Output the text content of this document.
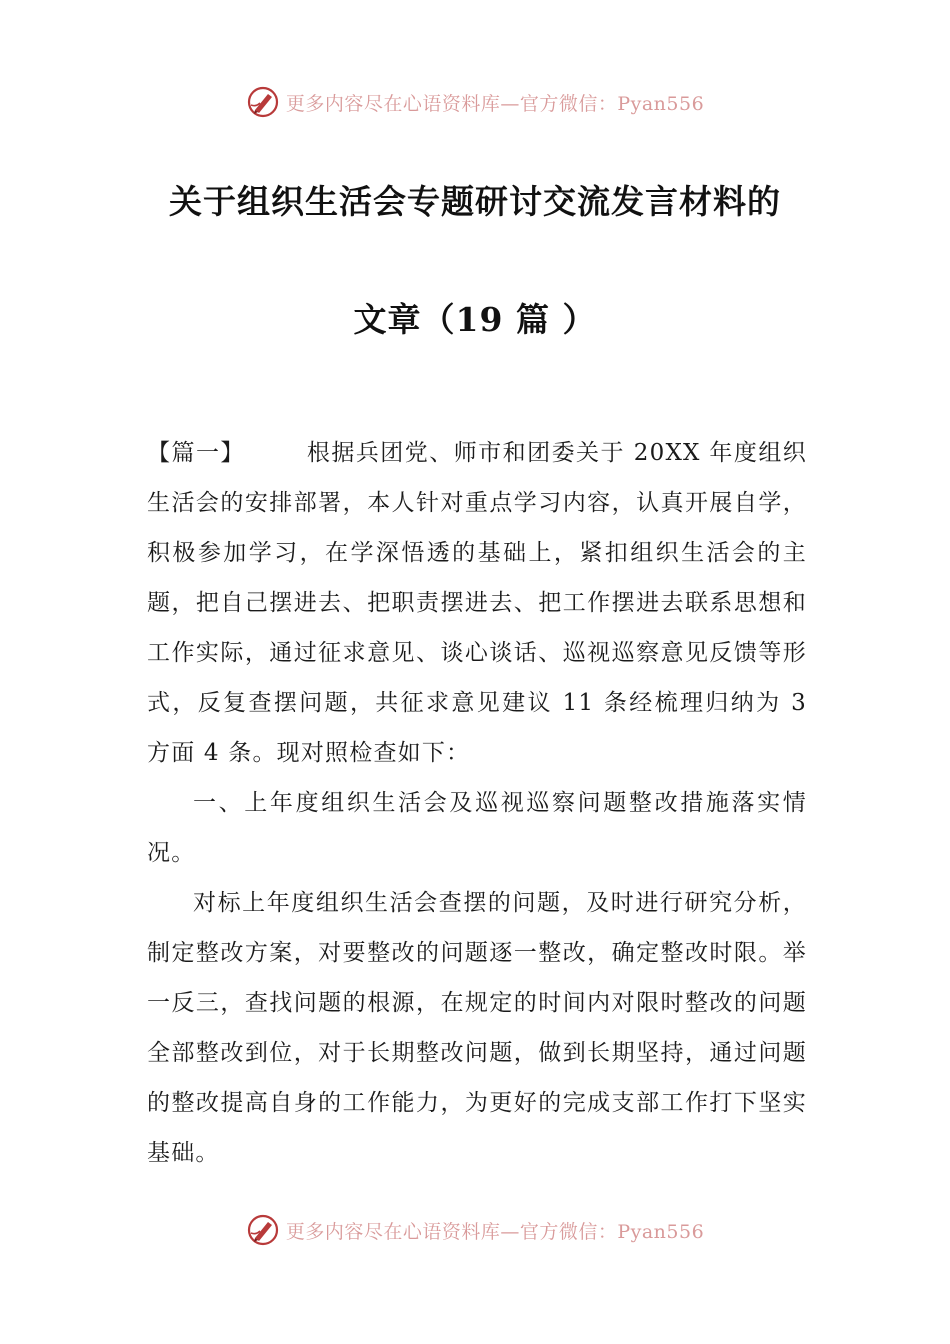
更多内容尽在心语资料库—官方微信：Pyan556
关于组织生活会专题研讨交流发言材料的
文章（19 篇 ）

【篇一】	根据兵团党、师市和团委关于 20XX 年度组织生活会的安排部署，本人针对重点学习内容，认真开展自学，积极参加学习，在学深悟透的基础上，紧扣组织生活会的主题，把自己摆进去、把职责摆进去、把工作摆进去联系思想和工作实际，通过征求意见、谈心谈话、巡视巡察意见反馈等形式，反复查摆问题，共征求意见建议 11 条经梳理归纳为 3 方面 4 条。现对照检查如下：

一、上年度组织生活会及巡视巡察问题整改措施落实情况。

对标上年度组织生活会查摆的问题，及时进行研究分析，制定整改方案，对要整改的问题逐一整改，确定整改时限。举一反三，查找问题的根源，在规定的时间内对限时整改的问题全部整改到位，对于长期整改问题，做到长期坚持，通过问题的整改提高自身的工作能力，为更好的完成支部工作打下坚实基础。

更多内容尽在心语资料库—官方微信：Pyan556
